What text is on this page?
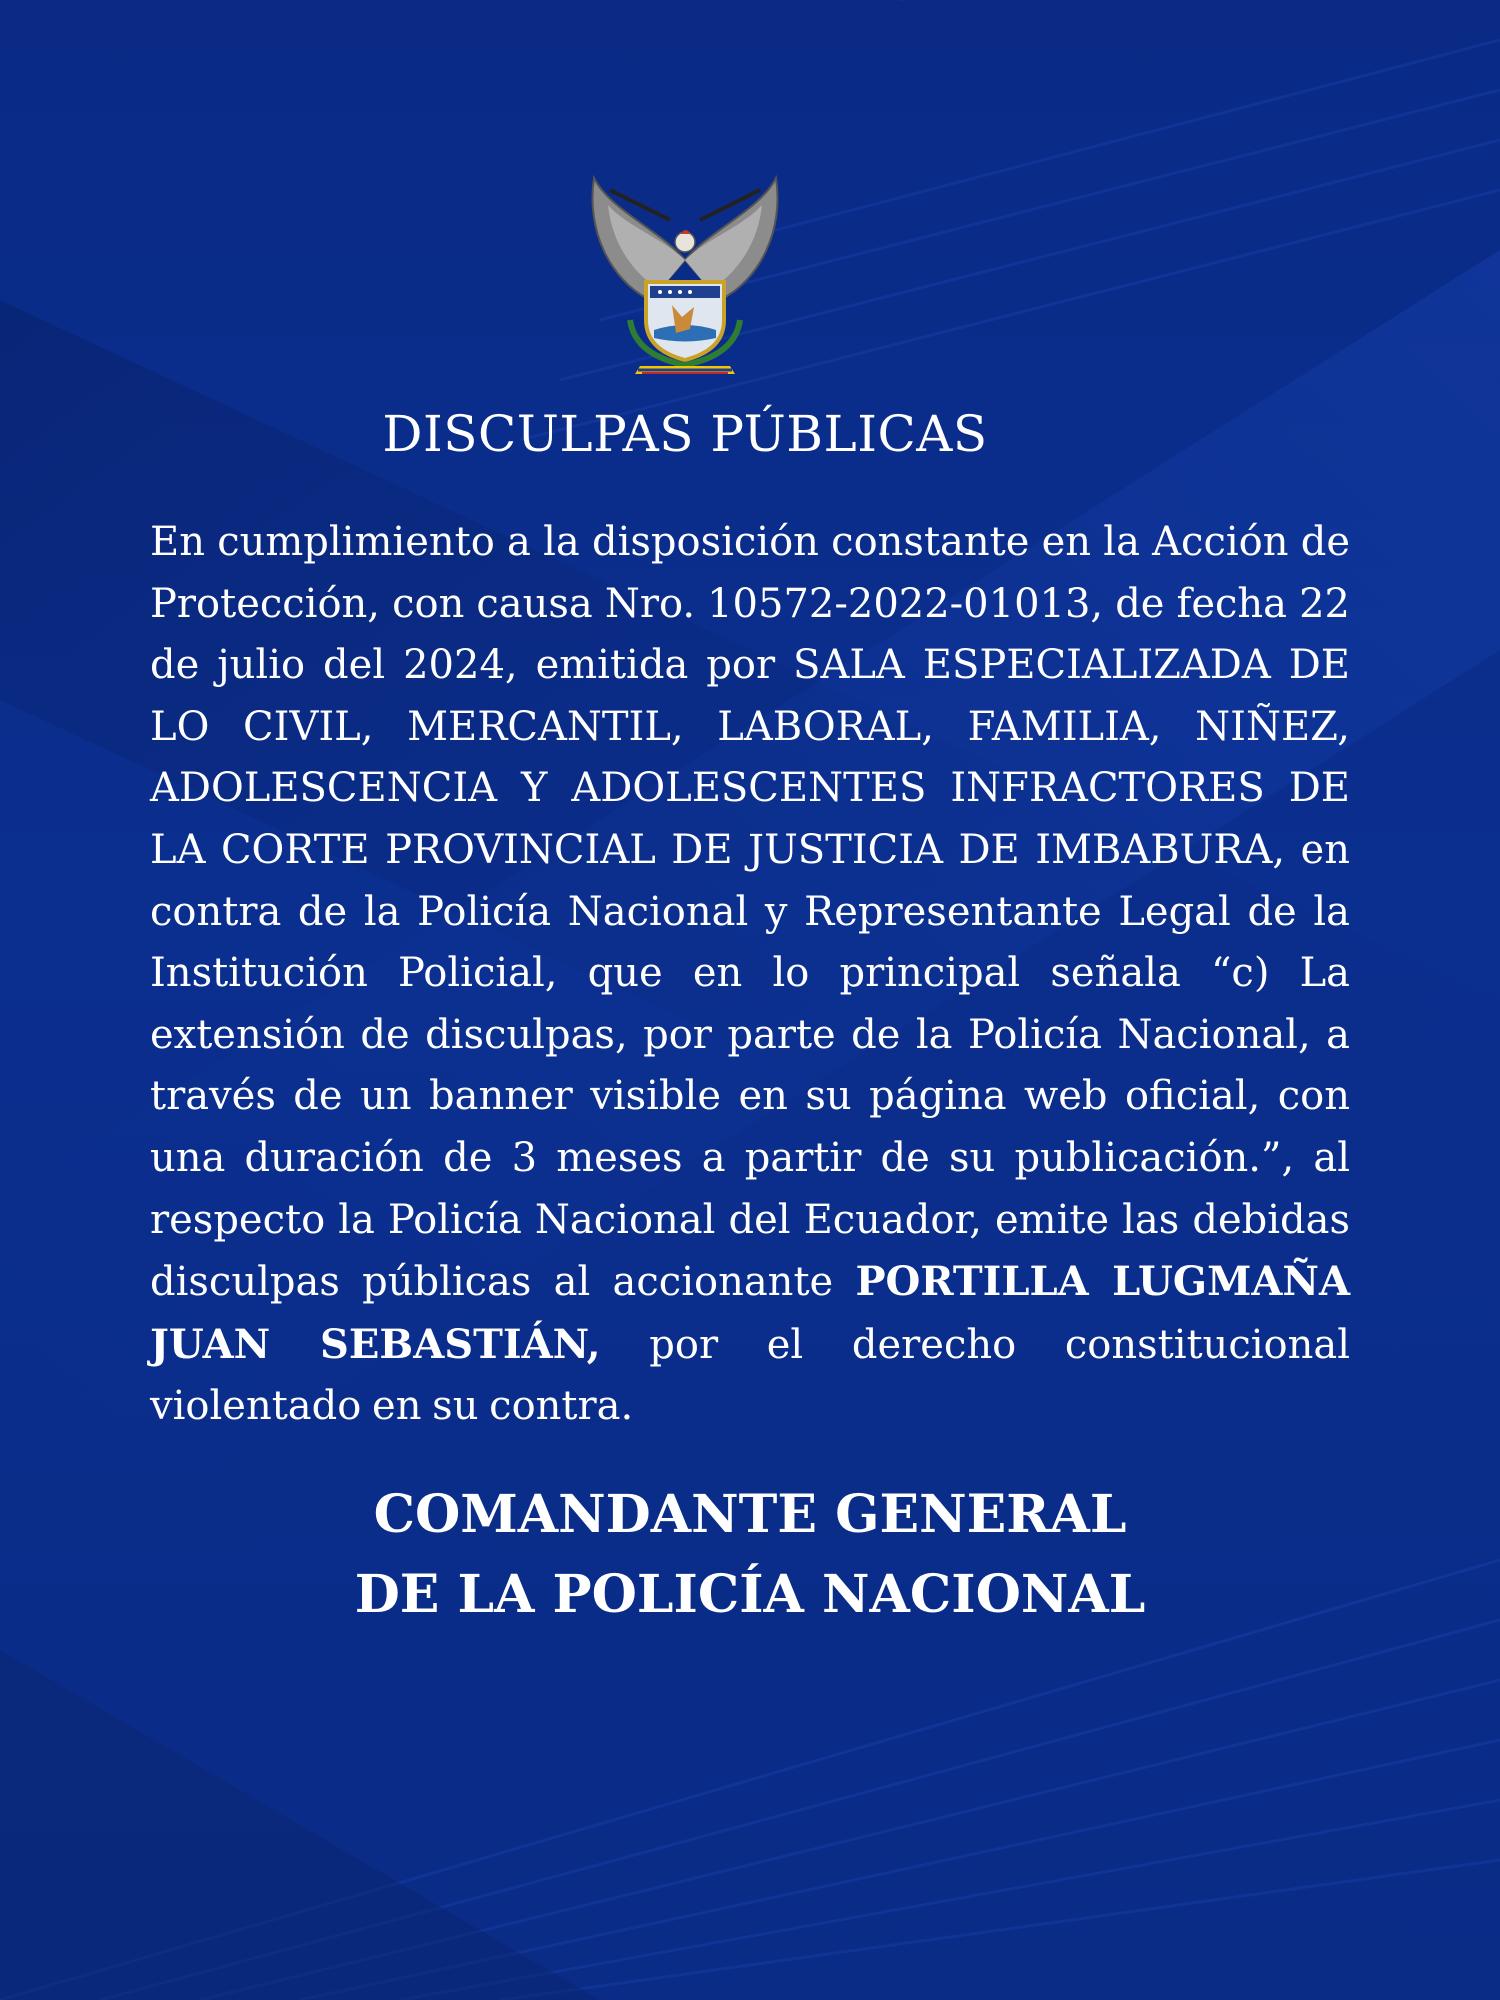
DISCULPAS PÚBLICAS
En cumplimiento a la disposición constante en la Acción de Protección, con causa Nro. 10572-2022-01013, de fecha 22 de julio del 2024, emitida por SALA ESPECIALIZADA DE LO CIVIL, MERCANTIL, LABORAL, FAMILIA, NIÑEZ, ADOLESCENCIA Y ADOLESCENTES INFRACTORES DE LA CORTE PROVINCIAL DE JUSTICIA DE IMBABURA, en contra de la Policía Nacional y Representante Legal de la Institución Policial, que en lo principal señala “c) La extensión de disculpas, por parte de la Policía Nacional, a través de un banner visible en su página web oficial, con una duración de 3 meses a partir de su publicación.”, al respecto la Policía Nacional del Ecuador, emite las debidas disculpas públicas al accionante PORTILLA LUGMAÑA JUAN SEBASTIÁN, por el derecho constitucional violentado en su contra.
COMANDANTE GENERAL
DE LA POLICÍA NACIONAL
